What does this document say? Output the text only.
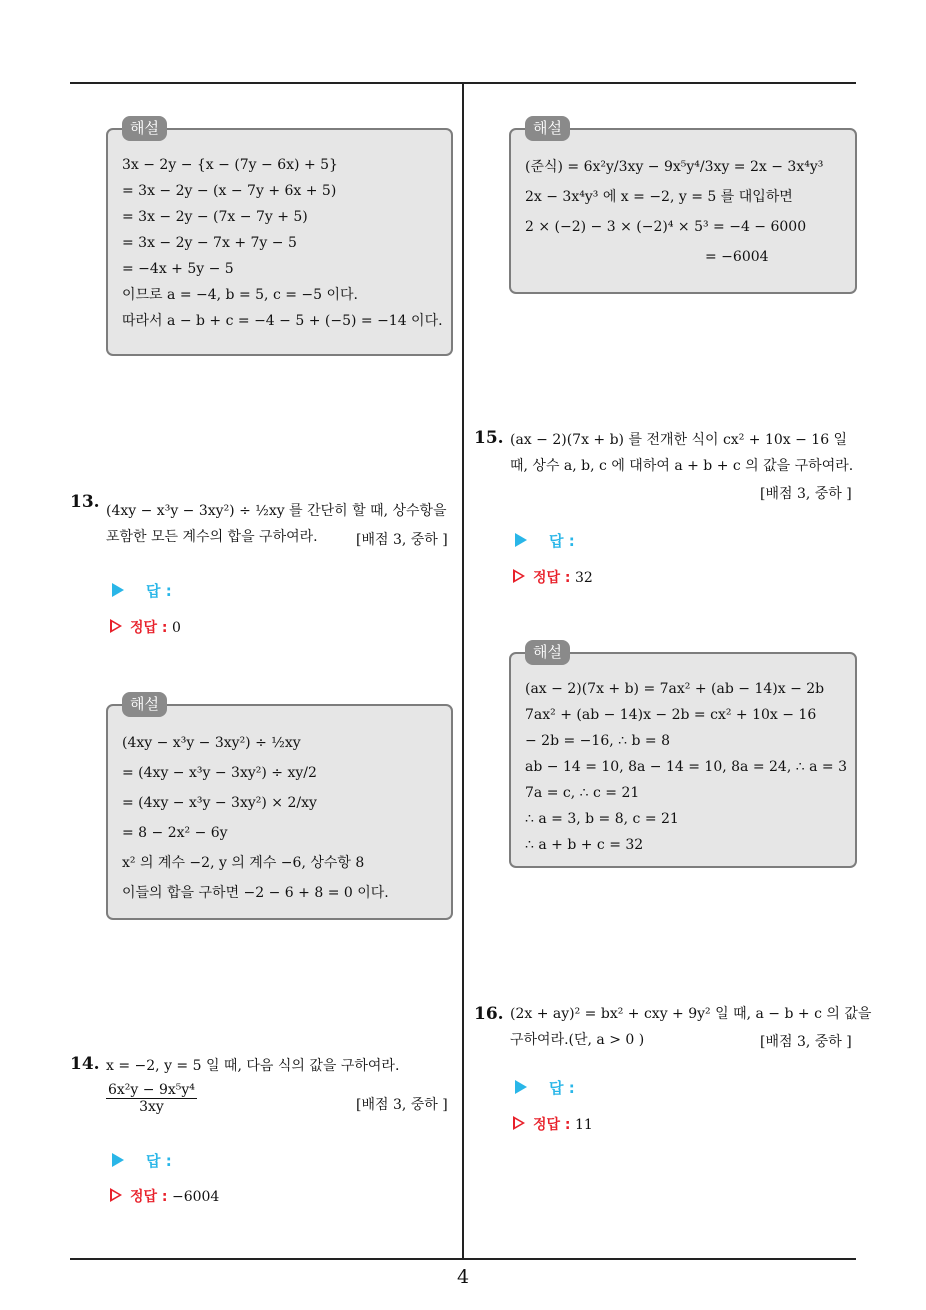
해설
3x − 2y − {x − (7y − 6x) + 5}
= 3x − 2y − (x − 7y + 6x + 5)
= 3x − 2y − (7x − 7y + 5)
= 3x − 2y − 7x + 7y − 5
= −4x + 5y − 5
이므로 a = −4, b = 5, c = −5 이다.
따라서 a − b + c = −4 − 5 + (−5) = −14 이다.
13. (4xy − x³y − 3xy²) ÷ ½xy 를 간단히 할 때, 상수항을
포함한 모든 계수의 합을 구하여라.	[배점 3, 중하 ]
답 :
정답 : 0
해설
(4xy − x³y − 3xy²) ÷ ½xy
= (4xy − x³y − 3xy²) ÷ xy/2
= (4xy − x³y − 3xy²) × 2/xy
= 8 − 2x² − 6y
x² 의 계수 −2, y 의 계수 −6, 상수항 8
이들의 합을 구하면 −2 − 6 + 8 = 0 이다.
14. x = −2, y = 5 일 때, 다음 식의 값을 구하여라.
$\frac{\text{6x²y − 9x⁵y⁴}}{3xy}$	[배점 3, 중하 ]
답 :
정답 : −6004
해설
(준식) = 6x²y/3xy − 9x⁵y⁴/3xy = 2x − 3x⁴y³
2x − 3x⁴y³ 에 x = −2, y = 5 를 대입하면
2 × (−2) − 3 × (−2)⁴ × 5³ = −4 − 6000
= −6004
15. (ax − 2)(7x + b) 를 전개한 식이 cx² + 10x − 16 일
때, 상수 a, b, c 에 대하여 a + b + c 의 값을 구하여라.
[배점 3, 중하 ]
답 :
정답 : 32
해설
(ax − 2)(7x + b) = 7ax² + (ab − 14)x − 2b
7ax² + (ab − 14)x − 2b = cx² + 10x − 16
− 2b = −16, ∴ b = 8
ab − 14 = 10, 8a − 14 = 10, 8a = 24, ∴ a = 3
7a = c, ∴ c = 21
∴ a = 3, b = 8, c = 21
∴ a + b + c = 32
16. (2x + ay)² = bx² + cxy + 9y² 일 때, a − b + c 의 값을
구하여라.(단, a > 0 )	[배점 3, 중하 ]
답 :
정답 : 11
4
